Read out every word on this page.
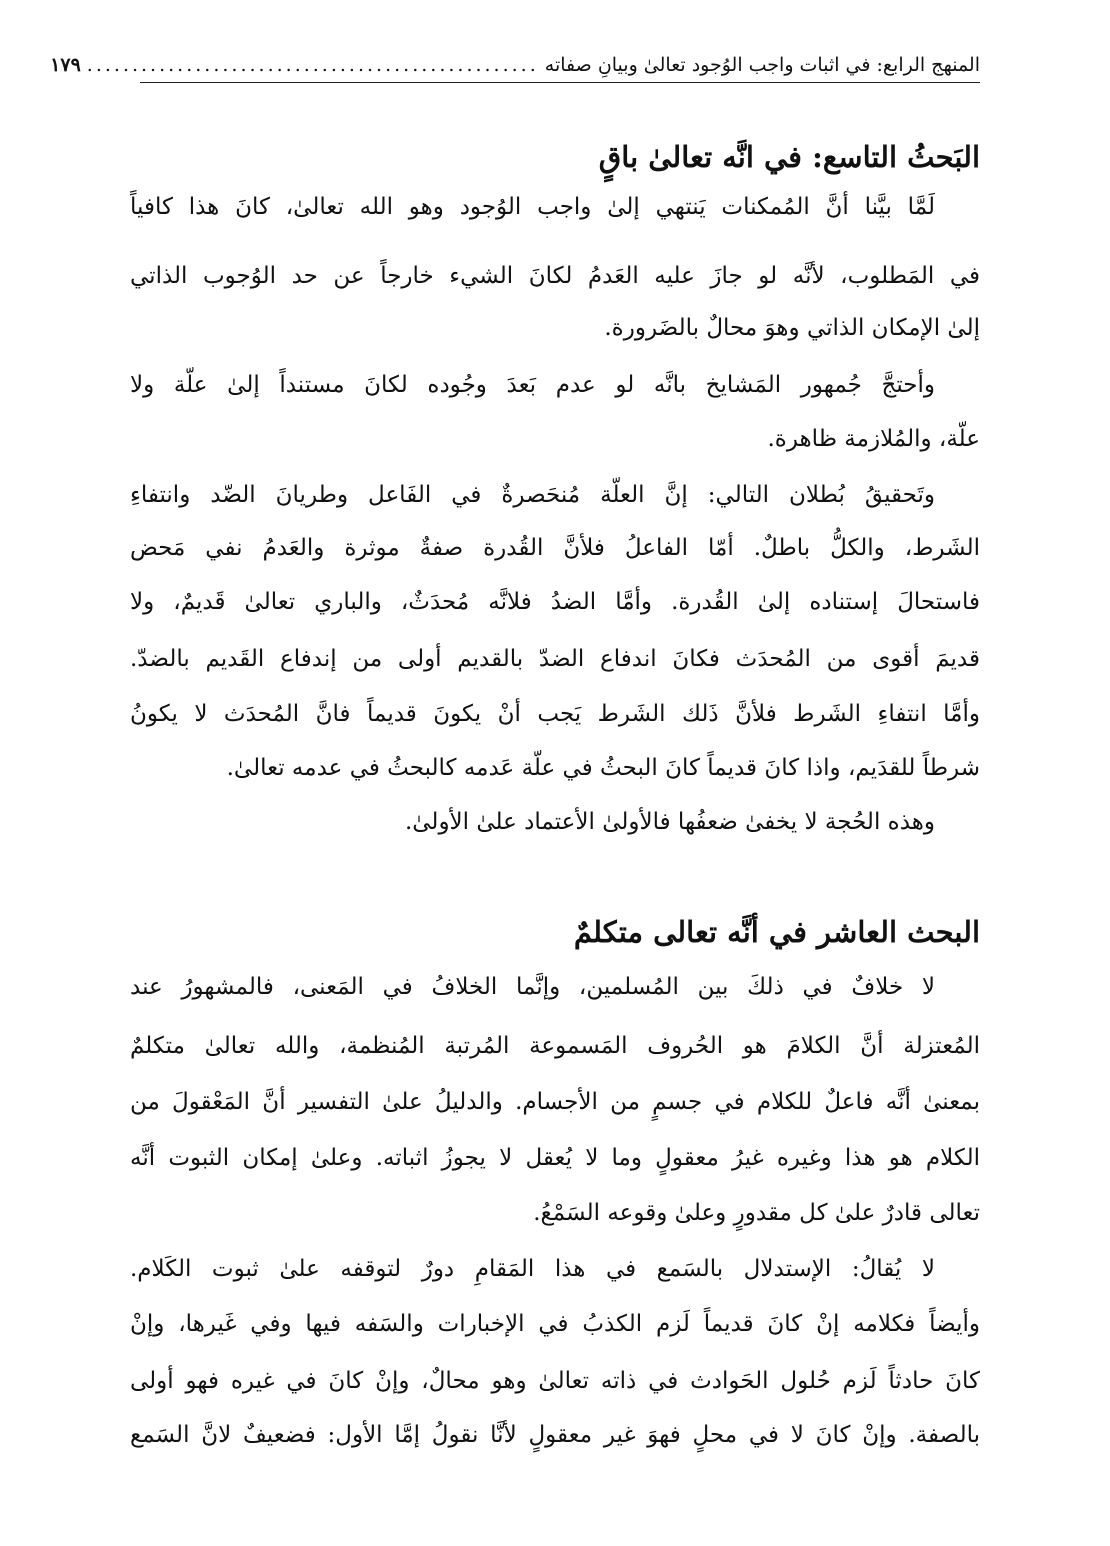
المنهج الرابع: في اثبات واجب الوُجود تعالىٰ وبيانِ صفاته
..................................................
١٧٩
البَحثُ التاسع: في انَّه تعالىٰ باقٍ
لَمَّا بيَّنا أنَّ المُمكنات يَنتهي إلىٰ واجب الوُجود وهو الله تعالىٰ، كانَ هذا كافياً
في المَطلوب، لأنَّه لو جازَ عليه العَدمُ لكانَ الشيء خارجاً عن حد الوُجوب الذاتي
إلىٰ الإمكان الذاتي وهوَ محالٌ بالضَرورة.
وأحتجَّ جُمهور المَشايخ بانَّه لو عدم بَعدَ وجُوده لكانَ مستنداً إلىٰ علّة ولا
علّة، والمُلازمة ظاهرة.
وتَحقيقُ بُطلان التالي: إنَّ العلّة مُنحَصرةٌ في الفَاعل وطريانَ الضّد وانتفاءِ
الشَرط، والكلُّ باطلٌ. أمّا الفاعلُ فلأنَّ القُدرة صفةٌ موثرة والعَدمُ نفي مَحض
فاستحالَ إستناده إلىٰ القُدرة. وأمَّا الضدُ فلانَّه مُحدَثٌ، والباري تعالىٰ قَديمٌ، ولا
قديمَ أقوى من المُحدَث فكانَ اندفاع الضدّ بالقديم أولى من إندفاع القَديم بالضدّ.
وأمَّا انتفاءِ الشَرط فلأنَّ ذَلك الشَرط يَجب أنْ يكونَ قديماً فانَّ المُحدَث لا يكونُ
شرطاً للقدَيم، واذا كانَ قديماً كانَ البحثُ في علّة عَدمه كالبحثُ في عدمه تعالىٰ.
وهذه الحُجة لا يخفىٰ ضعفُها فالأولىٰ الأعتماد علىٰ الأولىٰ.
البحث العاشر في أنَّه تعالى متكلمٌ
لا خلافٌ في ذلكَ بين المُسلمين، وإنَّما الخلافُ في المَعنى، فالمشهورُ عند
المُعتزلة أنَّ الكلامَ هو الحُروف المَسموعة المُرتبة المُنظمة، والله تعالىٰ متكلمٌ
بمعنىٰ أنَّه فاعلٌ للكلام في جسمٍ من الأجسام. والدليلُ علىٰ التفسير أنَّ المَعْقولَ من
الكلام هو هذا وغيره غيرُ معقولٍ وما لا يُعقل لا يجوزُ اثباته. وعلىٰ إمكان الثبوت أنَّه
تعالى قادرٌ علىٰ كل مقدورٍ وعلىٰ وقوعه السَمْعُ.
لا يُقالُ: الإستدلال بالسَمع في هذا المَقامِ دورٌ لتوقفه علىٰ ثبوت الكَلام.
وأيضاً فكلامه إنْ كانَ قديماً لَزم الكذبُ في الإخبارات والسَفه فيها وفي غَيرها، وإنْ
كانَ حادثاً لَزم حُلول الحَوادث في ذاته تعالىٰ وهو محالٌ، وإنْ كانَ في غيره فهو أولى
بالصفة. وإنْ كانَ لا في محلٍ فهوَ غير معقولٍ لأنَّا نقولُ إمَّا الأول: فضعيفٌ لانَّ السَمع
